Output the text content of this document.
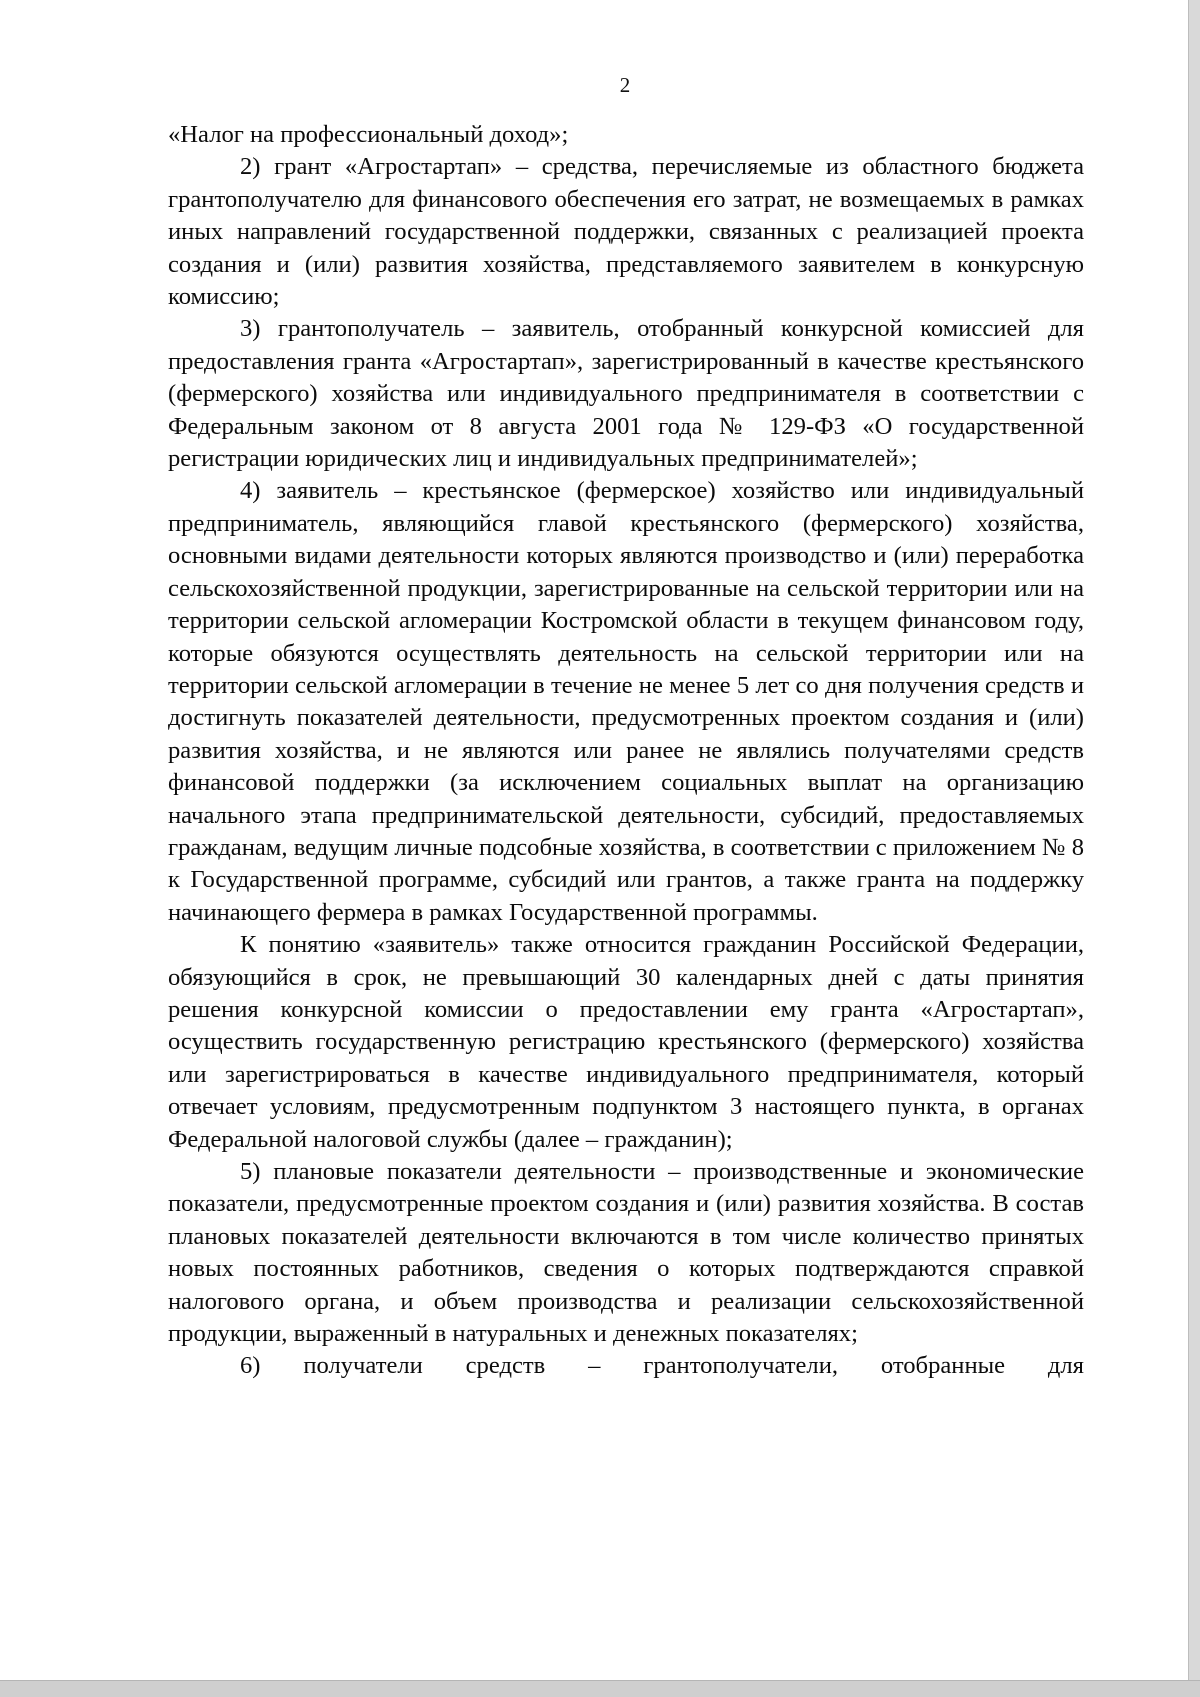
2

«Налог на профессиональный доход»;

2) грант «Агростартап» – средства, перечисляемые из областного бюджета грантополучателю для финансового обеспечения его затрат, не возмещаемых в рамках иных направлений государственной поддержки, связанных с реализацией проекта создания и (или) развития хозяйства, представляемого заявителем в конкурсную комиссию;

3) грантополучатель – заявитель, отобранный конкурсной комиссией для предоставления гранта «Агростартап», зарегистрированный в качестве крестьянского (фермерского) хозяйства или индивидуального предпринимателя в соответствии с Федеральным законом от 8 августа 2001 года № 129-ФЗ «О государственной регистрации юридических лиц и индивидуальных предпринимателей»;

4) заявитель – крестьянское (фермерское) хозяйство или индивидуальный предприниматель, являющийся главой крестьянского (фермерского) хозяйства, основными видами деятельности которых являются производство и (или) переработка сельскохозяйственной продукции, зарегистрированные на сельской территории или на территории сельской агломерации Костромской области в текущем финансовом году, которые обязуются осуществлять деятельность на сельской территории или на территории сельской агломерации в течение не менее 5 лет со дня получения средств и достигнуть показателей деятельности, предусмотренных проектом создания и (или) развития хозяйства, и не являются или ранее не являлись получателями средств финансовой поддержки (за исключением социальных выплат на организацию начального этапа предпринимательской деятельности, субсидий, предоставляемых гражданам, ведущим личные подсобные хозяйства, в соответствии с приложением № 8 к Государственной программе, субсидий или грантов, а также гранта на поддержку начинающего фермера в рамках Государственной программы.

К понятию «заявитель» также относится гражданин Российской Федерации, обязующийся в срок, не превышающий 30 календарных дней с даты принятия решения конкурсной комиссии о предоставлении ему гранта «Агростартап», осуществить государственную регистрацию крестьянского (фермерского) хозяйства или зарегистрироваться в качестве индивидуального предпринимателя, который отвечает условиям, предусмотренным подпунктом 3 настоящего пункта, в органах Федеральной налоговой службы (далее – гражданин);

5) плановые показатели деятельности – производственные и экономические показатели, предусмотренные проектом создания и (или) развития хозяйства. В состав плановых показателей деятельности включаются в том числе количество принятых новых постоянных работников, сведения о которых подтверждаются справкой налогового органа, и объем производства и реализации сельскохозяйственной продукции, выраженный в натуральных и денежных показателях;

6) получатели средств – грантополучатели, отобранные для
